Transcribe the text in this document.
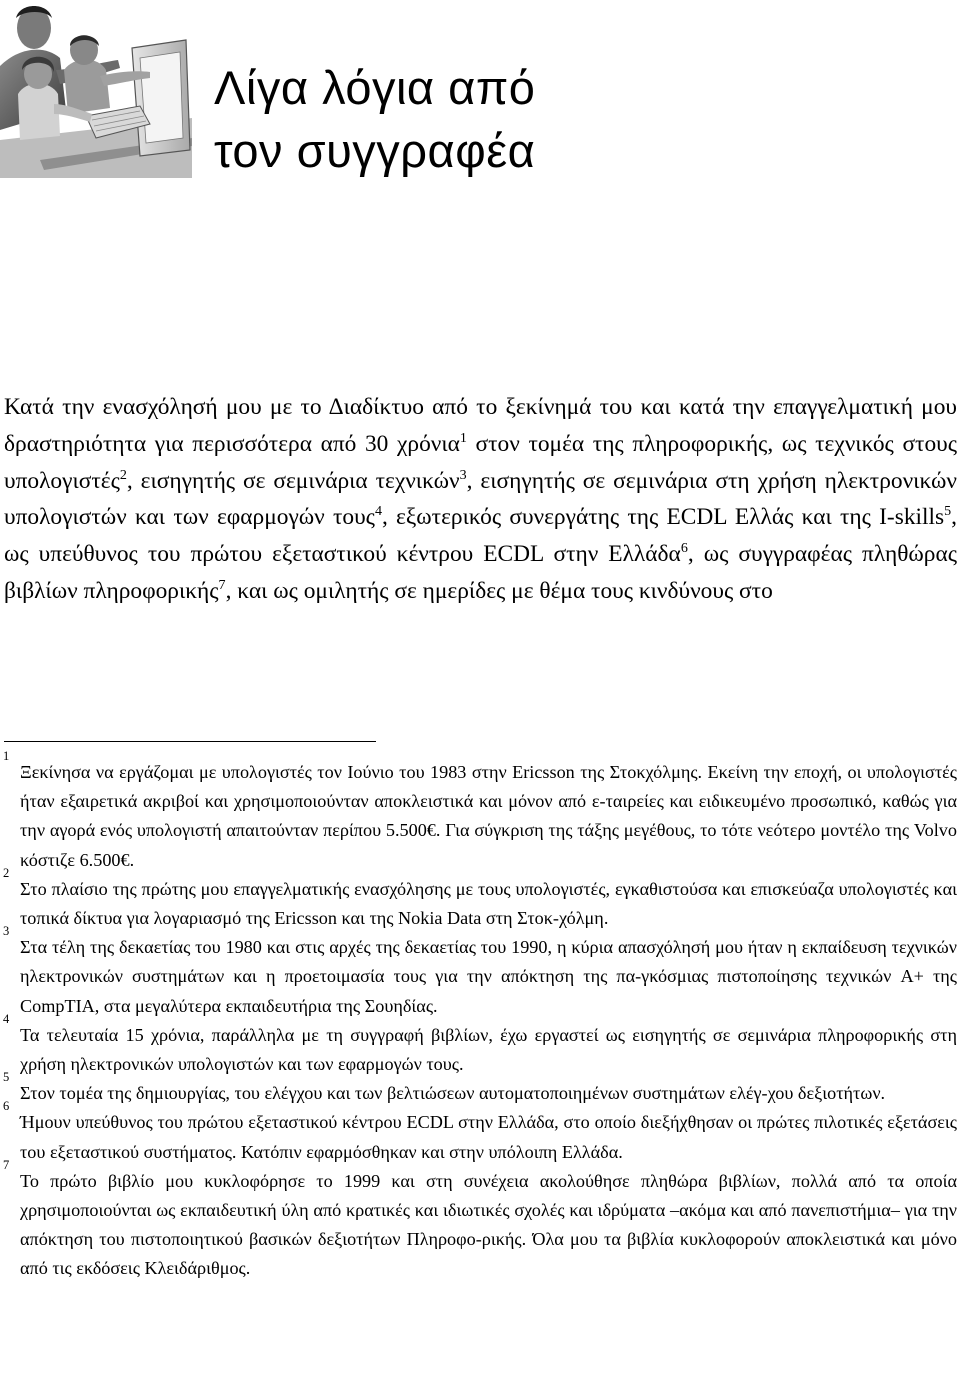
Λίγα λόγια από
τον συγγραφέα

Κατά την ενασχόλησή μου με το Διαδίκτυο από το ξεκίνημά του και κατά την επαγγελματική μου δραστηριότητα για περισσότερα από 30 χρόνια$^1$ στον τομέα της πληροφορικής, ως τεχνικός στους υπολογιστές$^2$, εισηγητής σε σεμινάρια τεχνικών$^3$, εισηγητής σε σεμινάρια στη χρήση ηλεκτρονικών υπολογιστών και των εφαρμογών τους$^4$, εξωτερικός συνεργάτης της ECDL Ελλάς και της I-skills$^5$, ως υπεύθυνος του πρώτου εξεταστικού κέντρου ECDL στην Ελλάδα$^6$, ως συγγραφέας πληθώρας βιβλίων πληροφορικής$^7$, και ως ομιλητής σε ημερίδες με θέμα τους κινδύνους στο

1
Ξεκίνησα να εργάζομαι με υπολογιστές τον Ιούνιο του 1983 στην Ericsson της Στοκχόλμης. Εκείνη την εποχή, οι υπολογιστές ήταν εξαιρετικά ακριβοί και χρησιμοποιούνταν αποκλειστικά και μόνον από ε-ταιρείες και ειδικευμένο προσωπικό, καθώς για την αγορά ενός υπολογιστή απαιτούνταν περίπου 5.500€. Για σύγκριση της τάξης μεγέθους, το τότε νεότερο μοντέλο της Volvo κόστιζε 6.500€.

2
Στο πλαίσιο της πρώτης μου επαγγελματικής ενασχόλησης με τους υπολογιστές, εγκαθιστούσα και επισκεύαζα υπολογιστές και τοπικά δίκτυα για λογαριασμό της Ericsson και της Nokia Data στη Στοκ-χόλμη.

3
Στα τέλη της δεκαετίας του 1980 και στις αρχές της δεκαετίας του 1990, η κύρια απασχόλησή μου ήταν η εκπαίδευση τεχνικών ηλεκτρονικών συστημάτων και η προετοιμασία τους για την απόκτηση της πα-γκόσμιας πιστοποίησης τεχνικών A+ της CompTIA, στα μεγαλύτερα εκπαιδευτήρια της Σουηδίας.

4
Τα τελευταία 15 χρόνια, παράλληλα με τη συγγραφή βιβλίων, έχω εργαστεί ως εισηγητής σε σεμινάρια πληροφορικής στη χρήση ηλεκτρονικών υπολογιστών και των εφαρμογών τους.

5
Στον τομέα της δημιουργίας, του ελέγχου και των βελτιώσεων αυτοματοποιημένων συστημάτων ελέγ-χου δεξιοτήτων.

6
Ήμουν υπεύθυνος του πρώτου εξεταστικού κέντρου ECDL στην Ελλάδα, στο οποίο διεξήχθησαν οι πρώτες πιλοτικές εξετάσεις του εξεταστικού συστήματος. Κατόπιν εφαρμόσθηκαν και στην υπόλοιπη Ελλάδα.

7
Το πρώτο βιβλίο μου κυκλοφόρησε το 1999 και στη συνέχεια ακολούθησε πληθώρα βιβλίων, πολλά από τα οποία χρησιμοποιούνται ως εκπαιδευτική ύλη από κρατικές και ιδιωτικές σχολές και ιδρύματα –ακόμα και από πανεπιστήμια– για την απόκτηση του πιστοποιητικού βασικών δεξιοτήτων Πληροφο-ρικής. Όλα μου τα βιβλία κυκλοφορούν αποκλειστικά και μόνο από τις εκδόσεις Κλειδάριθμος.
